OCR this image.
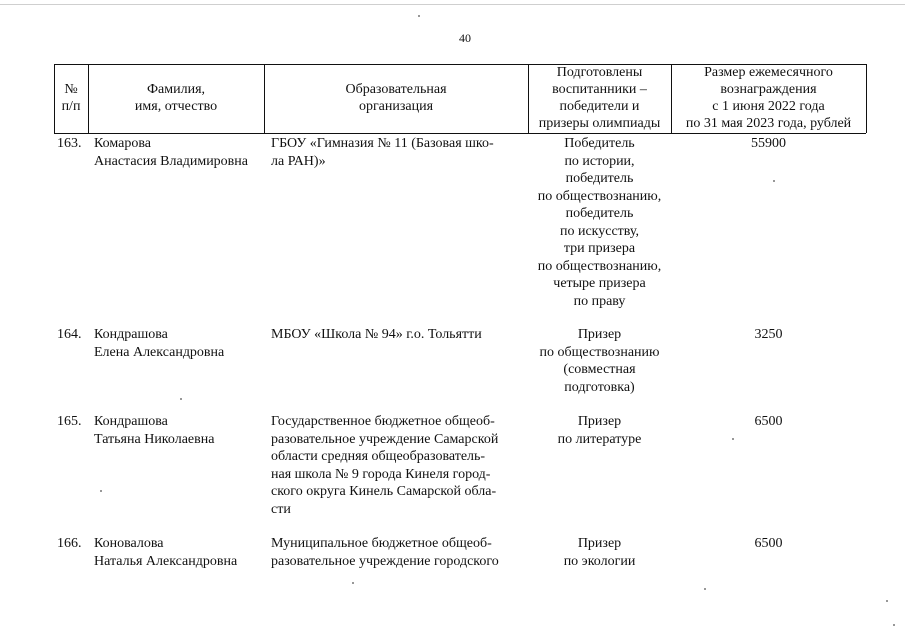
40
№
п/п
Фамилия,
имя, отчество
Образовательная
организация
Подготовлены
воспитанники –
победители и
призеры олимпиады
Размер ежемесячного
вознаграждения
с 1 июня 2022 года
по 31 мая 2023 года, рублей
163. Комарова
Анастасия Владимировна
ГБОУ «Гимназия № 11 (Базовая шко-
ла РАН)»
Победитель
по истории,
победитель
по обществознанию,
победитель
по искусству,
три призера
по обществознанию,
четыре призера
по праву
55900
164. Кондрашова
Елена Александровна
МБОУ «Школа № 94» г.о. Тольятти	Призер
по обществознанию
(совместная
подготовка)
3250
165. Кондрашова
Татьяна Николаевна
Государственное бюджетное общеоб-
разовательное учреждение Самарской
области средняя общеобразователь-
ная школа № 9 города Кинеля город-
ского округа Кинель Самарской обла-
сти
Призер
по литературе
6500
166. Коновалова
Наталья Александровна
Муниципальное бюджетное общеоб-
разовательное учреждение городского
Призер
по экологии
6500
